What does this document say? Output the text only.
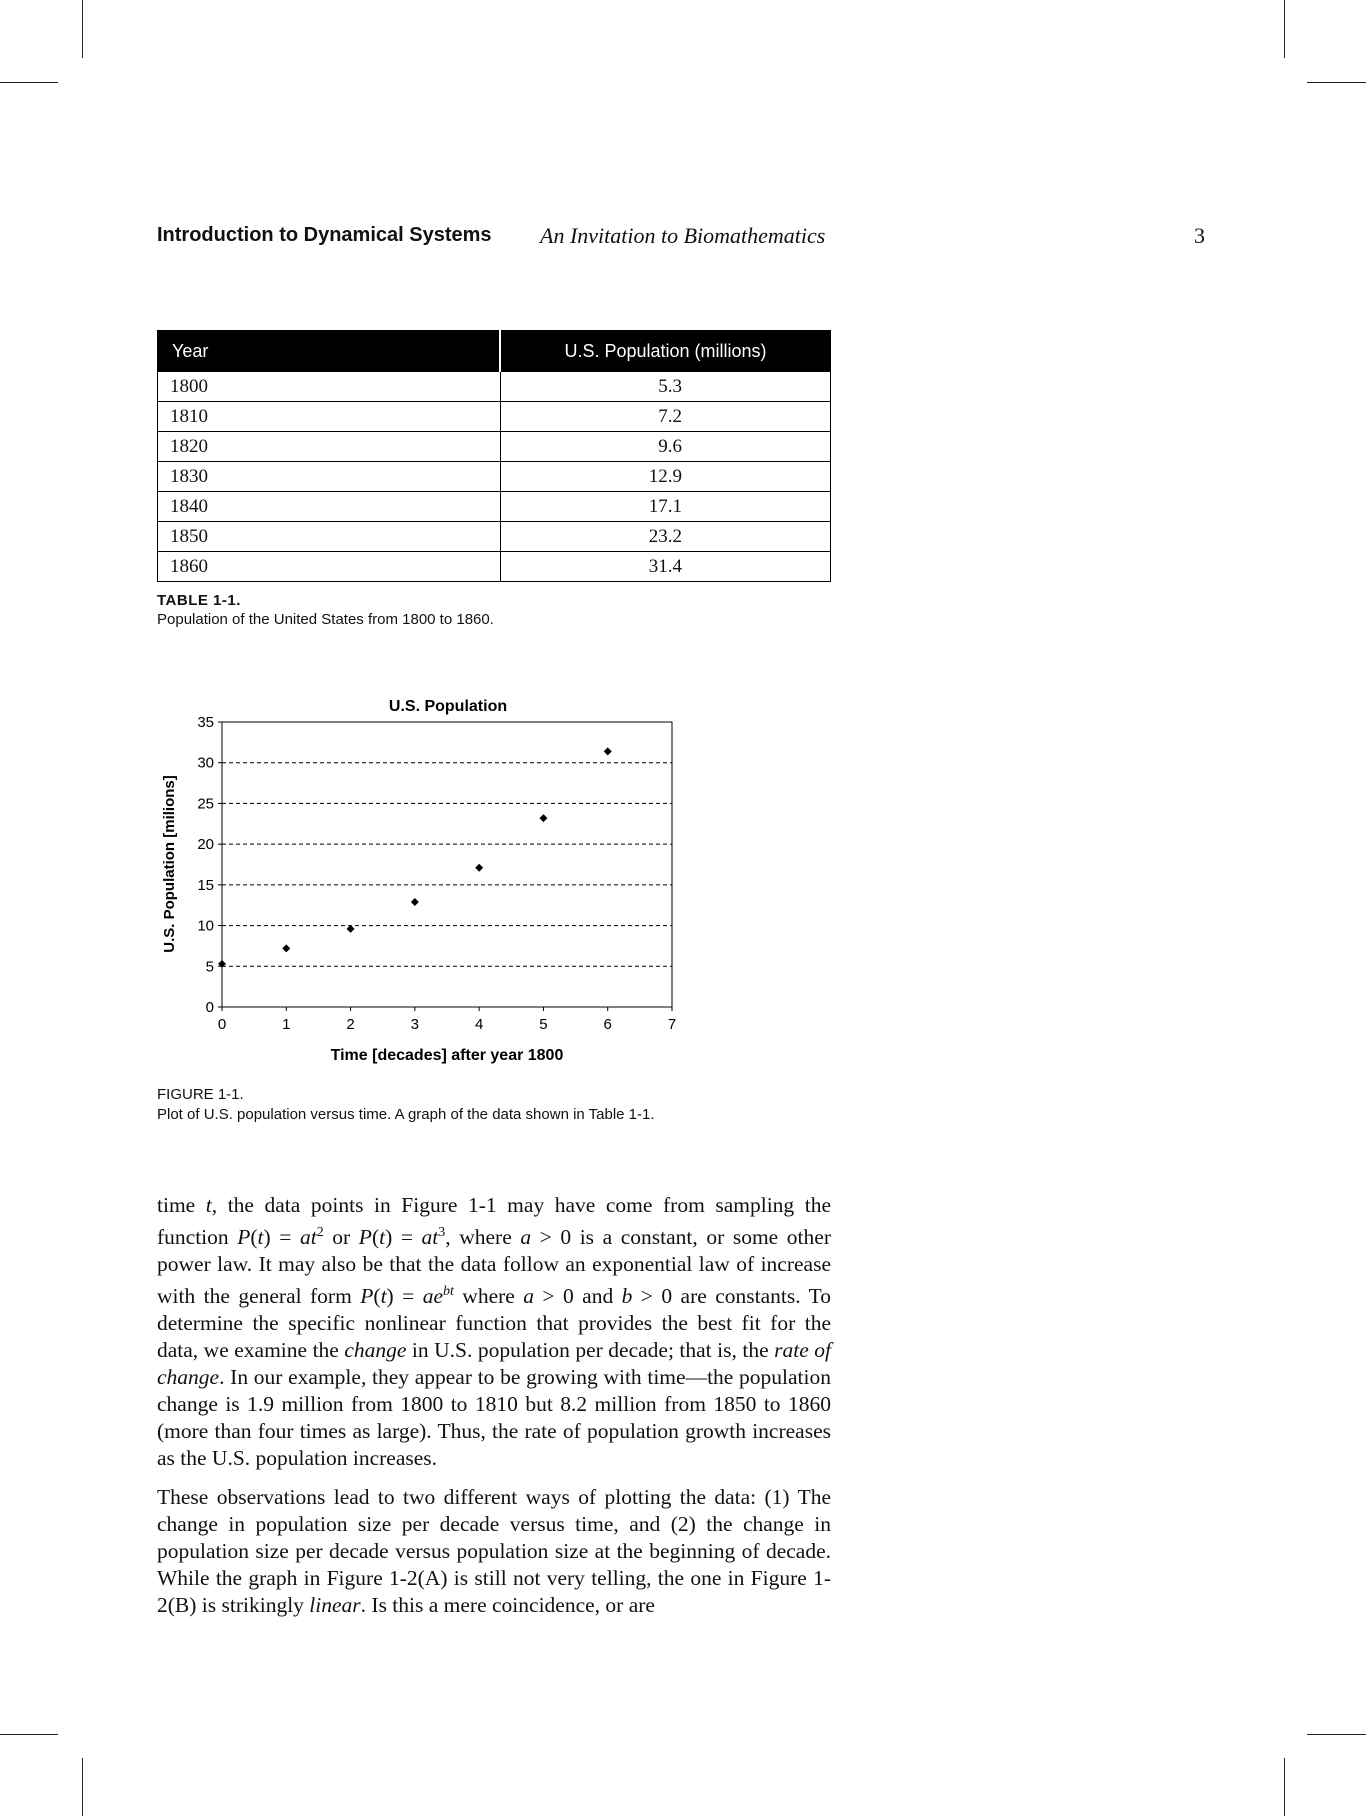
Introduction to Dynamical Systems An Invitation to Biomathematics	3
Year	U.S. Population (millions)
1800	5.3
1810	7.2
1820	9.6
1830	12.9
1840	17.1
1850	23.2
1860	31.4
TABLE 1-1.
Population of the United States from 1800 to 1860.
U.S. Population
0
5
10
15
20
25
30
35
0	1	2	3	4	5	6	7
Time [decades] after year 1800
U.S. Population [milions]
FIGURE 1-1.
Plot of U.S. population versus time. A graph of the data shown in Table 1-1.

time t, the data points in Figure 1-1 may have come from sampling the function $P(t) = at^2$ or $P(t) = at^3$, where a > 0 is a constant, or some other power law. It may also be that the data follow an exponential law of increase with the general form $P(t) = ae^{bt}$ where a > 0 and b > 0 are constants. To determine the specific nonlinear function that provides the best fit for the data, we examine the change in U.S. population per decade; that is, the rate of change. In our example, they appear to be growing with time—the population change is 1.9 million from 1800 to 1810 but 8.2 million from 1850 to 1860 (more than four times as large). Thus, the rate of population growth increases as the U.S. population increases.

These observations lead to two different ways of plotting the data: (1) The change in population size per decade versus time, and (2) the change in population size per decade versus population size at the beginning of decade. While the graph in Figure 1-2(A) is still not very telling, the one in Figure 1-2(B) is strikingly linear. Is this a mere coincidence, or are
